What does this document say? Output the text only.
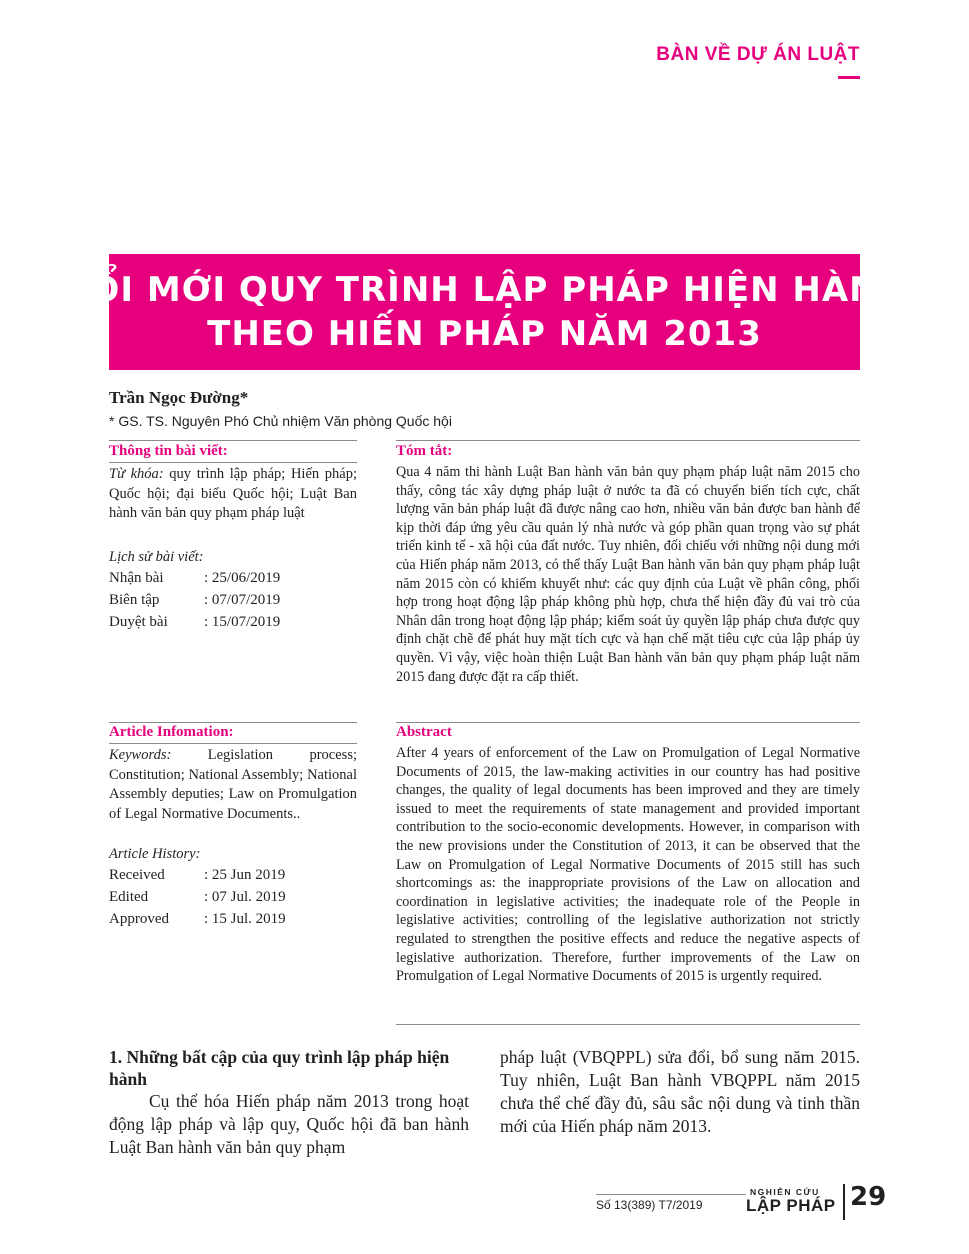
BÀN VỀ DỰ ÁN LUẬT
ĐỔI MỚI QUY TRÌNH LẬP PHÁP HIỆN HÀNH
THEO HIẾN PHÁP NĂM 2013
Trần Ngọc Đường*
* GS. TS. Nguyên Phó Chủ nhiệm Văn phòng Quốc hội
Thông tin bài viết:
Từ khóa: quy trình lập pháp; Hiến pháp; Quốc hội; đại biểu Quốc hội; Luật Ban hành văn bản quy phạm pháp luật
Lịch sử bài viết:
Nhận bài	: 25/06/2019
Biên tập	: 07/07/2019
Duyệt bài	: 15/07/2019
Tóm tắt:
Qua 4 năm thi hành Luật Ban hành văn bản quy phạm pháp luật năm 2015 cho thấy, công tác xây dựng pháp luật ở nước ta đã có chuyển biến tích cực, chất lượng văn bản pháp luật đã được nâng cao hơn, nhiều văn bản được ban hành để kịp thời đáp ứng yêu cầu quản lý nhà nước và góp phần quan trọng vào sự phát triển kinh tế - xã hội của đất nước. Tuy nhiên, đối chiếu với những nội dung mới của Hiến pháp năm 2013, có thể thấy Luật Ban hành văn bản quy phạm pháp luật năm 2015 còn có khiếm khuyết như: các quy định của Luật về phân công, phối hợp trong hoạt động lập pháp không phù hợp, chưa thể hiện đầy đủ vai trò của Nhân dân trong hoạt động lập pháp; kiểm soát ủy quyền lập pháp chưa được quy định chặt chẽ để phát huy mặt tích cực và hạn chế mặt tiêu cực của lập pháp ủy quyền. Vì vậy, việc hoàn thiện Luật Ban hành văn bản quy phạm pháp luật năm 2015 đang được đặt ra cấp thiết.
Article Infomation:
Keywords:	Legislation process; Constitution; National Assembly; National Assembly deputies; Law on Promulgation of Legal Normative Documents..
Article History:
Received	: 25 Jun 2019
Edited	: 07 Jul. 2019
Approved	: 15 Jul. 2019
Abstract
After 4 years of enforcement of the Law on Promulgation of Legal Normative Documents of 2015, the law-making activities in our country has had positive changes, the quality of legal documents has been improved and they are timely issued to meet the requirements of state management and provided important contribution to the socio-economic developments. However, in comparison with the new provisions under the Constitution of 2013, it can be observed that the Law on Promulgation of Legal Normative Documents of 2015 still has such shortcomings as: the inappropriate provisions of the Law on allocation and coordination in legislative activities; the inadequate role of the People in legislative activities; controlling of the legislative authorization not strictly regulated to strengthen the positive effects and reduce the negative aspects of legislative authorization. Therefore, further improvements of the Law on Promulgation of Legal Normative Documents of 2015 is urgently required.
1. Những bất cập của quy trình lập pháp hiện hành
Cụ thể hóa Hiến pháp năm 2013 trong hoạt động lập pháp và lập quy, Quốc hội đã ban hành Luật Ban hành văn bản quy phạm
pháp luật (VBQPPL) sửa đổi, bổ sung năm 2015. Tuy nhiên, Luật Ban hành VBQPPL năm 2015 chưa thể chế đầy đủ, sâu sắc nội dung và tinh thần mới của Hiến pháp năm 2013.
Số 13(389) T7/2019
NGHIÊN CỨU
LẬP PHÁP 29
